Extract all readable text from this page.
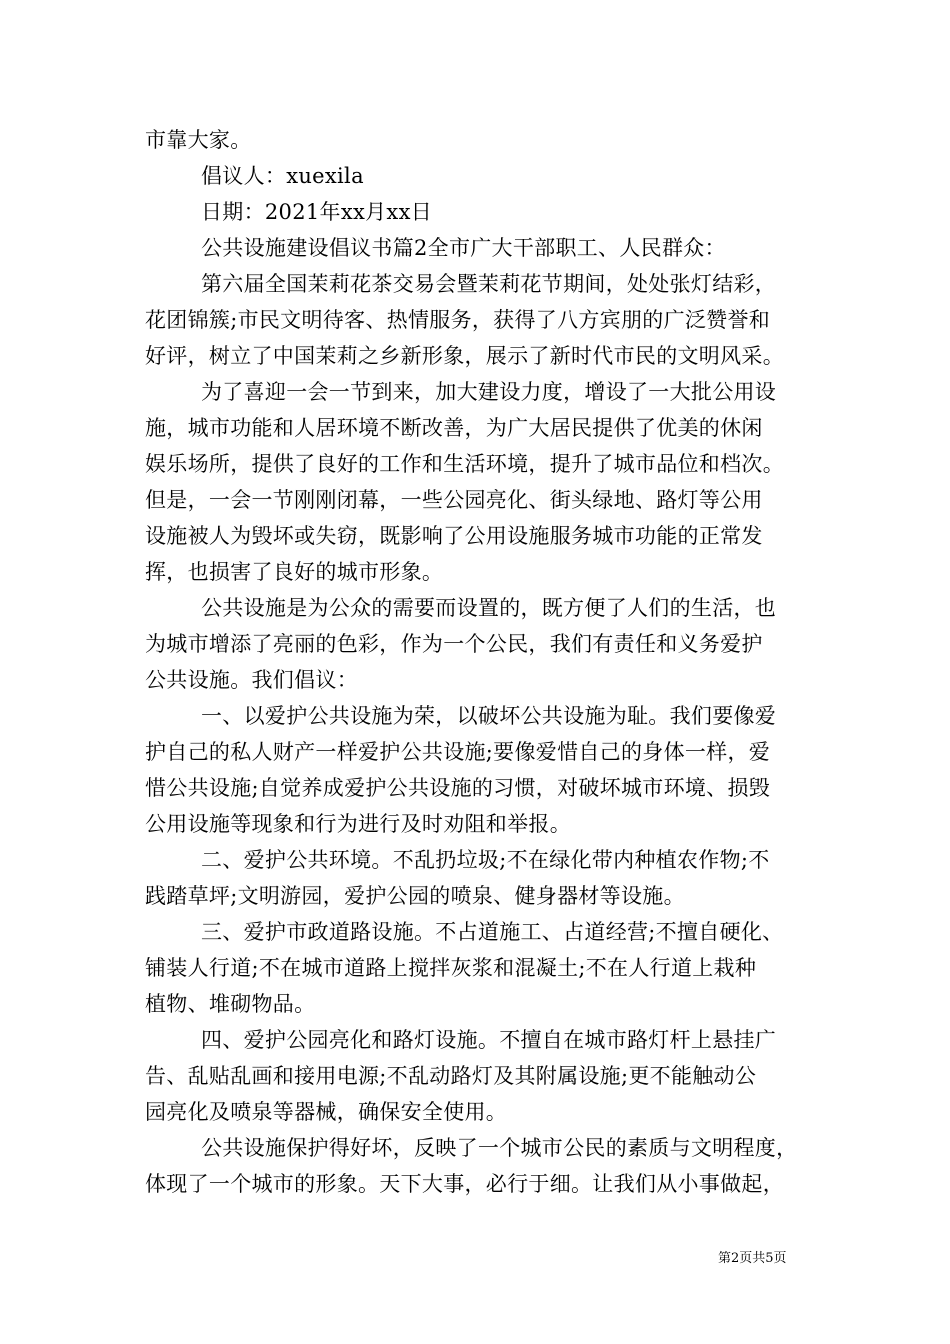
市靠大家。
倡议人：xuexila
日期：2021年xx月xx日
公共设施建设倡议书篇2全市广大干部职工、人民群众：
第六届全国茉莉花茶交易会暨茉莉花节期间，处处张灯结彩，
花团锦簇;市民文明待客、热情服务，获得了八方宾朋的广泛赞誉和
好评，树立了中国茉莉之乡新形象，展示了新时代市民的文明风采。
为了喜迎一会一节到来，加大建设力度，增设了一大批公用设
施，城市功能和人居环境不断改善，为广大居民提供了优美的休闲
娱乐场所，提供了良好的工作和生活环境，提升了城市品位和档次。
但是，一会一节刚刚闭幕，一些公园亮化、街头绿地、路灯等公用
设施被人为毁坏或失窃，既影响了公用设施服务城市功能的正常发
挥，也损害了良好的城市形象。
公共设施是为公众的需要而设置的，既方便了人们的生活，也
为城市增添了亮丽的色彩，作为一个公民，我们有责任和义务爱护
公共设施。我们倡议：
一、以爱护公共设施为荣，以破坏公共设施为耻。我们要像爱
护自己的私人财产一样爱护公共设施;要像爱惜自己的身体一样，爱
惜公共设施;自觉养成爱护公共设施的习惯，对破坏城市环境、损毁
公用设施等现象和行为进行及时劝阻和举报。
二、爱护公共环境。不乱扔垃圾;不在绿化带内种植农作物;不
践踏草坪;文明游园，爱护公园的喷泉、健身器材等设施。
三、爱护市政道路设施。不占道施工、占道经营;不擅自硬化、
铺装人行道;不在城市道路上搅拌灰浆和混凝土;不在人行道上栽种
植物、堆砌物品。
四、爱护公园亮化和路灯设施。不擅自在城市路灯杆上悬挂广
告、乱贴乱画和接用电源;不乱动路灯及其附属设施;更不能触动公
园亮化及喷泉等器械，确保安全使用。
公共设施保护得好坏，反映了一个城市公民的素质与文明程度，
体现了一个城市的形象。天下大事，必行于细。让我们从小事做起，
第2页共5页
